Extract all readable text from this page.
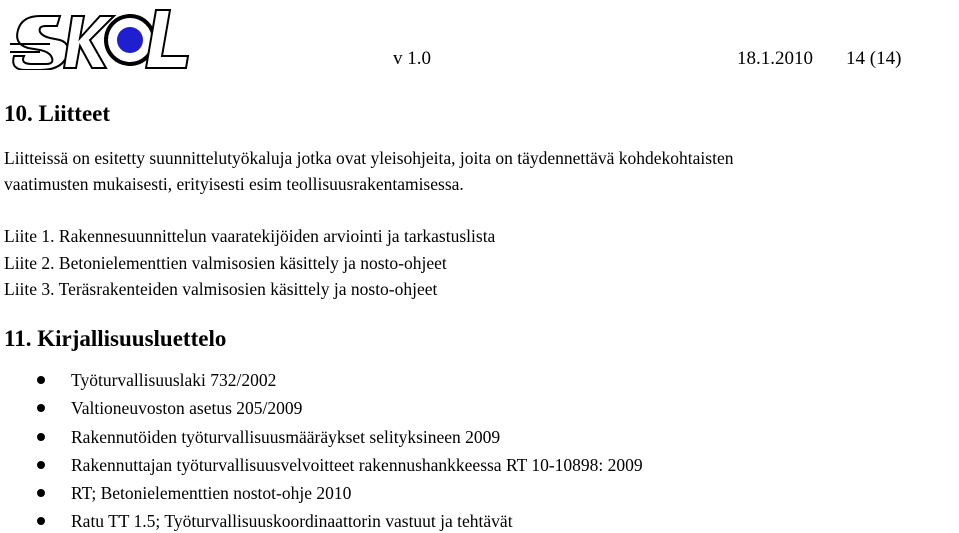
v 1.0	18.1.2010 14 (14)
10. Liitteet
Liitteissä on esitetty suunnittelutyökaluja jotka ovat yleisohjeita, joita on täydennettävä kohdekohtaisten
vaatimusten mukaisesti, erityisesti esim teollisuusrakentamisessa.
Liite 1. Rakennesuunnittelun vaaratekijöiden arviointi ja tarkastuslista
Liite 2. Betonielementtien valmisosien käsittely ja nosto-ohjeet
Liite 3. Teräsrakenteiden valmisosien käsittely ja nosto-ohjeet
11. Kirjallisuusluettelo
Työturvallisuuslaki 732/2002
Valtioneuvoston asetus 205/2009
Rakennutöiden työturvallisuusmääräykset selityksineen 2009
Rakennuttajan työturvallisuusvelvoitteet rakennushankkeessa RT 10-10898: 2009
RT; Betonielementtien nostot-ohje 2010
Ratu TT 1.5; Työturvallisuuskoordinaattorin vastuut ja tehtävät
